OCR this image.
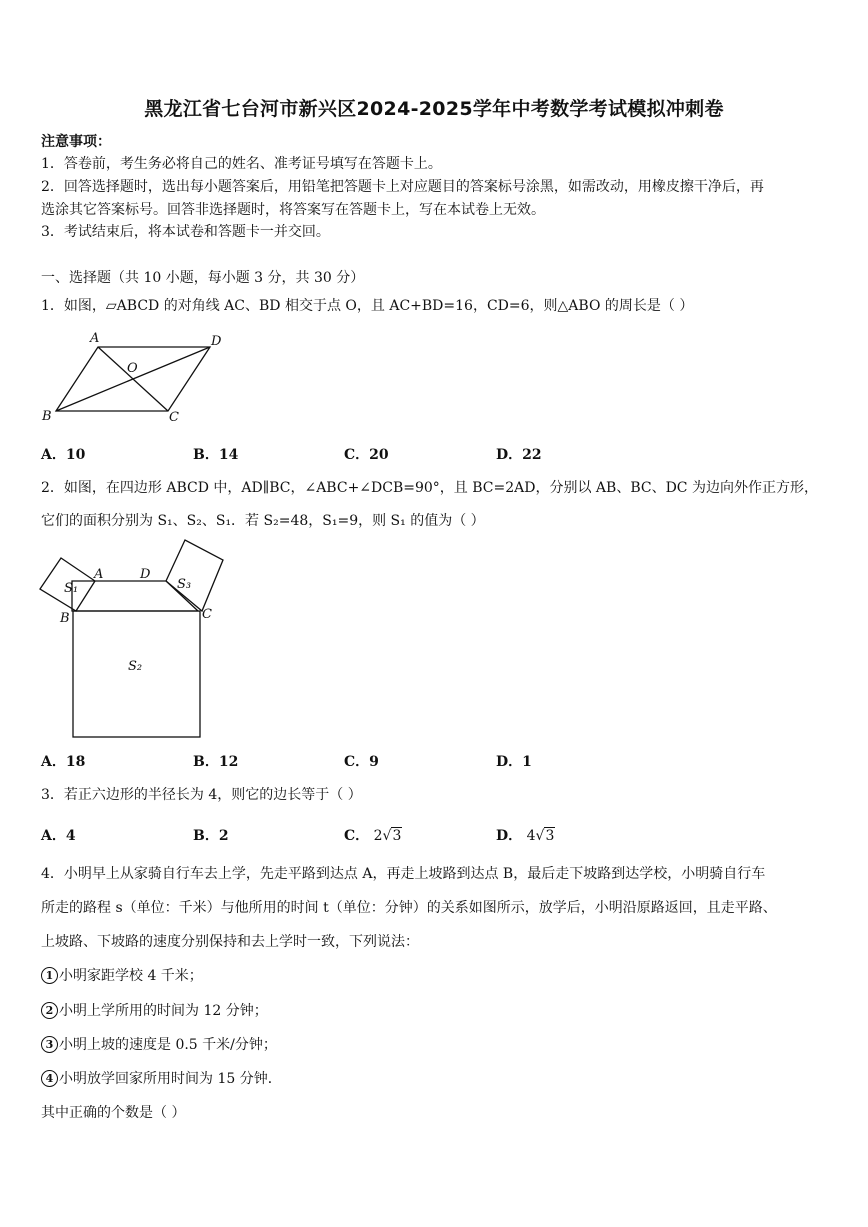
黑龙江省七台河市新兴区2024-2025学年中考数学考试模拟冲刺卷
注意事项：
1．答卷前，考生务必将自己的姓名、准考证号填写在答题卡上。
2．回答选择题时，选出每小题答案后，用铅笔把答题卡上对应题目的答案标号涂黑，如需改动，用橡皮擦干净后，再
选涂其它答案标号。回答非选择题时，将答案写在答题卡上，写在本试卷上无效。
3．考试结束后，将本试卷和答题卡一并交回。
一、选择题（共 10 小题，每小题 3 分，共 30 分）
1．如图，▱ABCD 的对角线 AC、BD 相交于点 O，且 AC+BD=16，CD=6，则△ABO 的周长是（ ）
A	D
O
B	C
A．10	B．14	C．20	D．22
2．如图，在四边形 ABCD 中，AD∥BC，∠ABC+∠DCB=90°，且 BC=2AD，分别以 AB、BC、DC 为边向外作正方形，
它们的面积分别为 S₁、S₂、S₁．若 S₂=48，S₁=9，则 S₁ 的值为（ ）
A	D
B	C
S₁	S₃
S₂
A．18	B．12	C．9	D．1
3．若正六边形的半径长为 4，则它的边长等于（ ）
A．4	B．2	C． 2√3	D． 4√3
4．小明早上从家骑自行车去上学，先走平路到达点 A，再走上坡路到达点 B，最后走下坡路到达学校，小明骑自行车
所走的路程 s（单位：千米）与他所用的时间 t（单位：分钟）的关系如图所示，放学后，小明沿原路返回，且走平路、
上坡路、下坡路的速度分别保持和去上学时一致，下列说法：
1 小明家距学校 4 千米；
2 小明上学所用的时间为 12 分钟；
3 小明上坡的速度是 0.5 千米/分钟；
4 小明放学回家所用时间为 15 分钟．
其中正确的个数是（ ）
